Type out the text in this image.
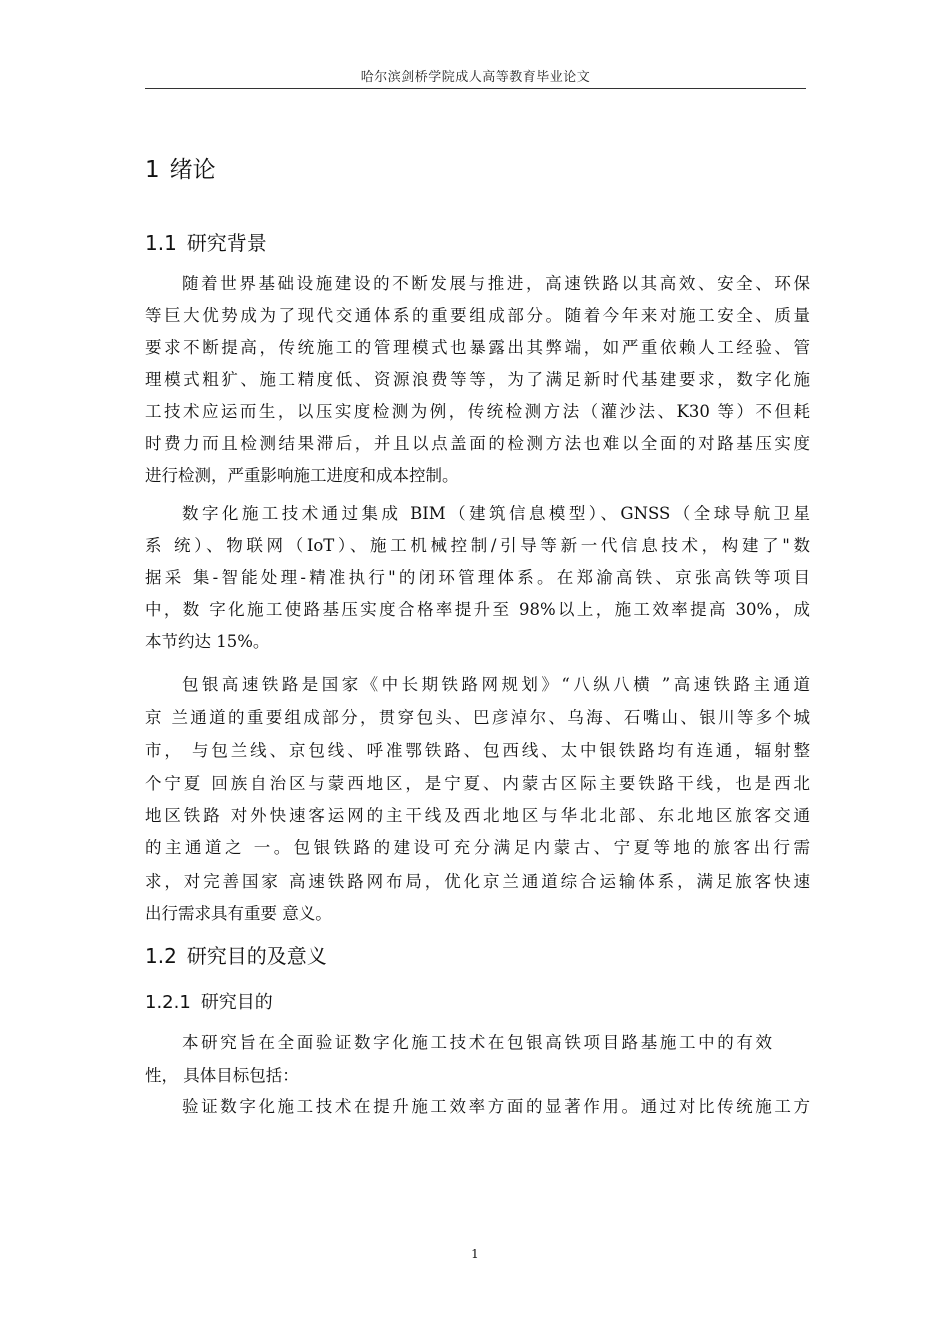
哈尔滨剑桥学院成人高等教育毕业论文
1 绪论
1.1 研究背景
随着世界基础设施建设的不断发展与推进，高速铁路以其高效、安全、环保
等巨大优势成为了现代交通体系的重要组成部分。随着今年来对施工安全、质量
要求不断提高，传统施工的管理模式也暴露出其弊端，如严重依赖人工经验、管
理模式粗犷、施工精度低、资源浪费等等，为了满足新时代基建要求，数字化施
工技术应运而生，以压实度检测为例，传统检测方法（灌沙法、K30 等）不但耗
时费力而且检测结果滞后，并且以点盖面的检测方法也难以全面的对路基压实度
进行检测，严重影响施工进度和成本控制。
数字化施工技术通过集成 BIM（建筑信息模型）、GNSS（全球导航卫星
系 统）、物联网（IoT）、施工机械控制/引导等新一代信息技术，构建了"数
据采 集-智能处理-精准执行"的闭环管理体系。在郑渝高铁、京张高铁等项目
中，数 字化施工使路基压实度合格率提升至 98%以上，施工效率提高 30%，成
本节约达 15%。
包银高速铁路是国家《中长期铁路网规划》“八纵八横 ”高速铁路主通道
京 兰通道的重要组成部分，贯穿包头、巴彦淖尔、乌海、石嘴山、银川等多个城
市， 与包兰线、京包线、呼准鄂铁路、包西线、太中银铁路均有连通，辐射整
个宁夏 回族自治区与蒙西地区，是宁夏、内蒙古区际主要铁路干线，也是西北
地区铁路 对外快速客运网的主干线及西北地区与华北北部、东北地区旅客交通
的主通道之 一。包银铁路的建设可充分满足内蒙古、宁夏等地的旅客出行需
求，对完善国家 高速铁路网布局，优化京兰通道综合运输体系，满足旅客快速
出行需求具有重要 意义。
1.2 研究目的及意义
1.2.1 研究目的
本研究旨在全面验证数字化施工技术在包银高铁项目路基施工中的有效
性， 具体目标包括：
验证数字化施工技术在提升施工效率方面的显著作用。通过对比传统施工方
1
